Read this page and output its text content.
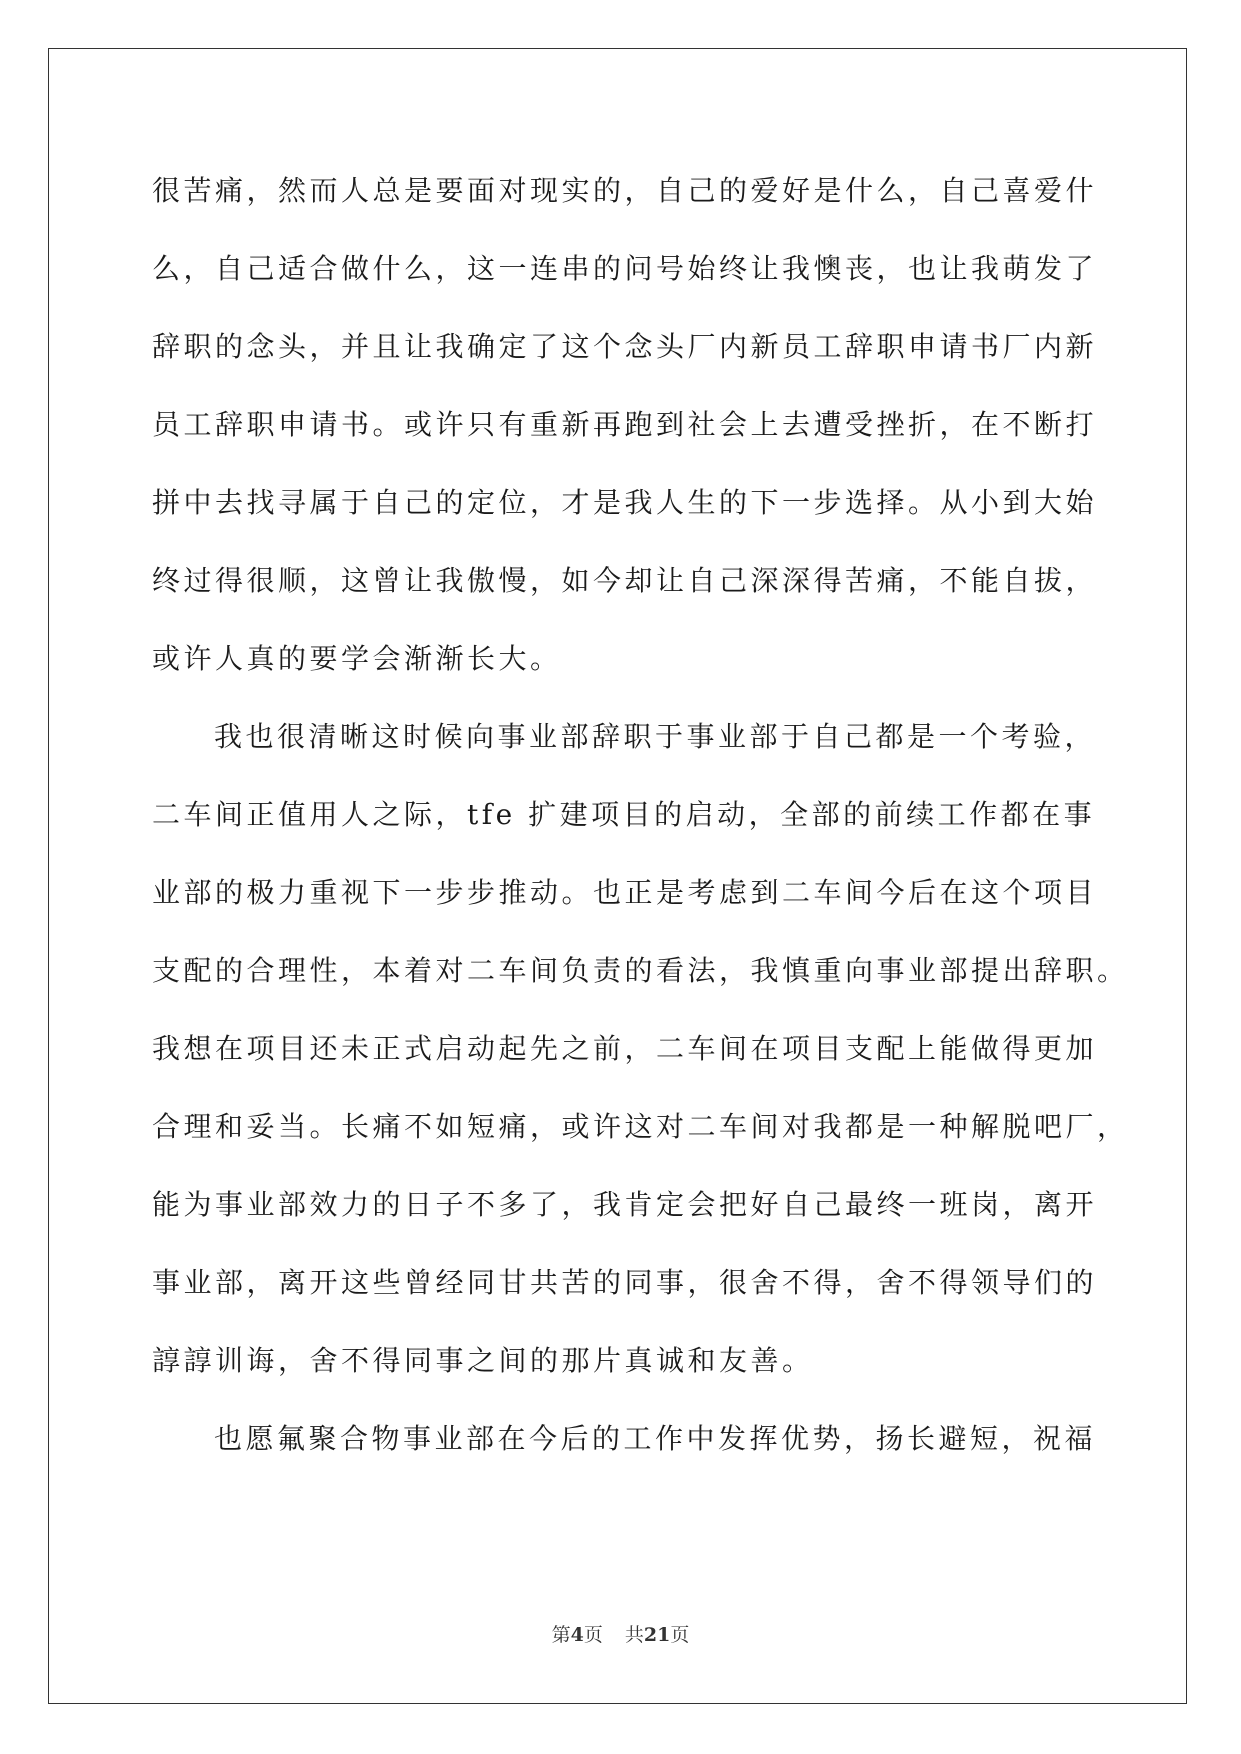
很苦痛，然而人总是要面对现实的，自己的爱好是什么，自己喜爱什
么，自己适合做什么，这一连串的问号始终让我懊丧，也让我萌发了
辞职的念头，并且让我确定了这个念头厂内新员工辞职申请书厂内新
员工辞职申请书。或许只有重新再跑到社会上去遭受挫折，在不断打
拼中去找寻属于自己的定位，才是我人生的下一步选择。从小到大始
终过得很顺，这曾让我傲慢，如今却让自己深深得苦痛，不能自拔，
或许人真的要学会渐渐长大。
我也很清晰这时候向事业部辞职于事业部于自己都是一个考验，
二车间正值用人之际，tfe 扩建项目的启动，全部的前续工作都在事
业部的极力重视下一步步推动。也正是考虑到二车间今后在这个项目
支配的合理性，本着对二车间负责的看法，我慎重向事业部提出辞职。
我想在项目还未正式启动起先之前，二车间在项目支配上能做得更加
合理和妥当。长痛不如短痛，或许这对二车间对我都是一种解脱吧厂，
能为事业部效力的日子不多了，我肯定会把好自己最终一班岗，离开
事业部，离开这些曾经同甘共苦的同事，很舍不得，舍不得领导们的
諄諄训诲，舍不得同事之间的那片真诚和友善。
也愿氟聚合物事业部在今后的工作中发挥优势，扬长避短，祝福
第4页 共21页
